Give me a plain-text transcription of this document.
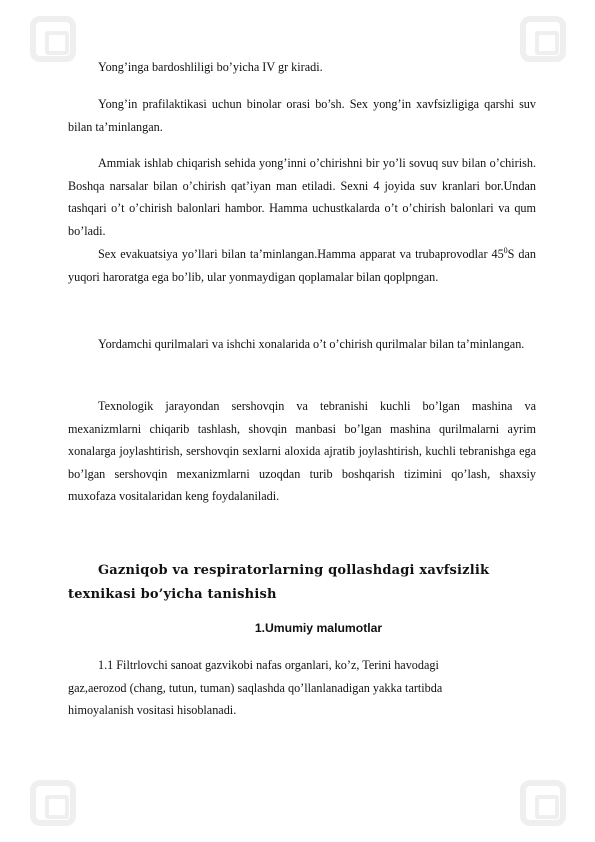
Yong’inga bardoshliligi bo’yicha IV gr kiradi.

Yong’in prafilaktikasi uchun binolar orasi bo’sh. Sex yong’in xavfsizligiga qarshi suv bilan ta’minlangan.

Ammiak ishlab chiqarish sehida yong’inni o’chirishni bir yo’li sovuq suv bilan o’chirish. Boshqa narsalar bilan o’chirish qat’iyan man etiladi. Sexni 4 joyida suv kranlari bor.Undan tashqari o’t o’chirish balonlari hambor. Hamma uchustkalarda o’t o’chirish balonlari va qum bo’ladi.

Sex evakuatsiya yo’llari bilan ta’minlangan.Hamma apparat va trubaprovodlar $45^0S$ dan yuqori haroratga ega bo’lib, ular yonmaydigan qoplamalar bilan qoplpngan.

Yordamchi qurilmalari va ishchi xonalarida o’t o’chirish qurilmalar bilan ta’minlangan.

Texnologik jarayondan sershovqin va tebranishi kuchli bo’lgan mashina va mexanizmlarni chiqarib tashlash, shovqin manbasi bo’lgan mashina qurilmalarni ayrim xonalarga joylashtirish, sershovqin sexlarni aloxida ajratib joylashtirish, kuchli tebranishga ega bo’lgan sershovqin mexanizmlarni uzoqdan turib boshqarish tizimini qo’lash, shaxsiy muxofaza vositalaridan keng foydalaniladi.

Gazniqob va respiratorlarning qollashdagi xavfsizlik texnikasi bo’yicha tanishish
1.Umumiy malumotlar
1.1 Filtrlovchi sanoat gazvikobi nafas organlari, ko’z, Terini havodagi
gaz,aerozod (chang, tutun, tuman) saqlashda qo’llanlanadigan yakka tartibda
himoyalanish vositasi hisoblanadi.
